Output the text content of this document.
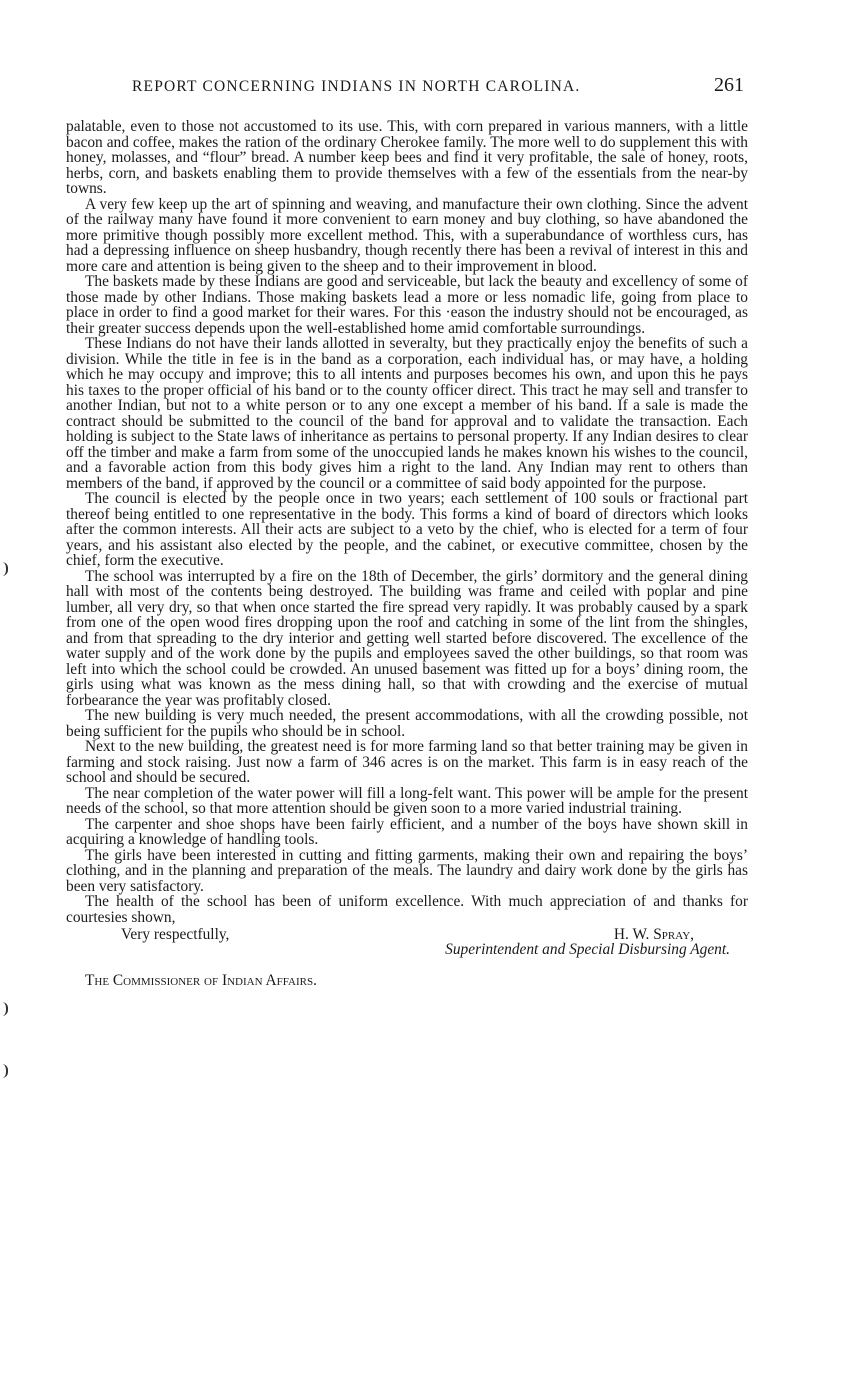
REPORT CONCERNING INDIANS IN NORTH CAROLINA.	261

palatable, even to those not accustomed to its use. This, with corn prepared in various manners, with a little bacon and coffee, makes the ration of the ordinary Cherokee family. The more well to do supplement this with honey, molasses, and “flour” bread. A number keep bees and find it very profitable, the sale of honey, roots, herbs, corn, and baskets enabling them to provide themselves with a few of the essentials from the near-by towns.

A very few keep up the art of spinning and weaving, and manufacture their own clothing. Since the advent of the railway many have found it more convenient to earn money and buy clothing, so have abandoned the more primitive though possibly more excellent method. This, with a superabundance of worthless curs, has had a depressing influence on sheep husbandry, though recently there has been a revival of interest in this and more care and attention is being given to the sheep and to their improvement in blood.

The baskets made by these Indians are good and serviceable, but lack the beauty and excellency of some of those made by other Indians. Those making baskets lead a more or less nomadic life, going from place to place in order to find a good market for their wares. For this ·eason the industry should not be encouraged, as their greater success depends upon the well-established home amid comfortable surroundings.

These Indians do not have their lands allotted in severalty, but they practically enjoy the benefits of such a division. While the title in fee is in the band as a corporation, each individual has, or may have, a holding which he may occupy and improve; this to all intents and purposes becomes his own, and upon this he pays his taxes to the proper official of his band or to the county officer direct. This tract he may sell and transfer to another Indian, but not to a white person or to any one except a member of his band. If a sale is made the contract should be submitted to the council of the band for approval and to validate the transaction. Each holding is subject to the State laws of inheritance as pertains to personal property. If any Indian desires to clear off the timber and make a farm from some of the unoccupied lands he makes known his wishes to the council, and a favorable action from this body gives him a right to the land. Any Indian may rent to others than members of the band, if approved by the council or a committee of said body appointed for the purpose.

The council is elected by the people once in two years; each settlement of 100 souls or fractional part thereof being entitled to one representative in the body. This forms a kind of board of directors which looks after the common interests. All their acts are subject to a veto by the chief, who is elected for a term of four years, and his assistant also elected by the people, and the cabinet, or executive committee, chosen by the chief, form the executive.

The school was interrupted by a fire on the 18th of December, the girls’ dormitory and the general dining hall with most of the contents being destroyed. The building was frame and ceiled with poplar and pine lumber, all very dry, so that when once started the fire spread very rapidly. It was probably caused by a spark from one of the open wood fires dropping upon the roof and catching in some of the lint from the shingles, and from that spreading to the dry interior and getting well started before discovered. The excellence of the water supply and of the work done by the pupils and employees saved the other buildings, so that room was left into which the school could be crowded. An unused basement was fitted up for a boys’ dining room, the girls using what was known as the mess dining hall, so that with crowding and the exercise of mutual forbearance the year was profitably closed.

The new building is very much needed, the present accommodations, with all the crowding possible, not being sufficient for the pupils who should be in school.

Next to the new building, the greatest need is for more farming land so that better training may be given in farming and stock raising. Just now a farm of 346 acres is on the market. This farm is in easy reach of the school and should be secured.

The near completion of the water power will fill a long-felt want. This power will be ample for the present needs of the school, so that more attention should be given soon to a more varied industrial training.

The carpenter and shoe shops have been fairly efficient, and a number of the boys have shown skill in acquiring a knowledge of handling tools.

The girls have been interested in cutting and fitting garments, making their own and repairing the boys’ clothing, and in the planning and preparation of the meals. The laundry and dairy work done by the girls has been very satisfactory.

The health of the school has been of uniform excellence. With much appreciation of and thanks for courtesies shown,

Very respectfully,	H. W. Spray,
Superintendent and Special Disbursing Agent.
The Commissioner of Indian Affairs.
